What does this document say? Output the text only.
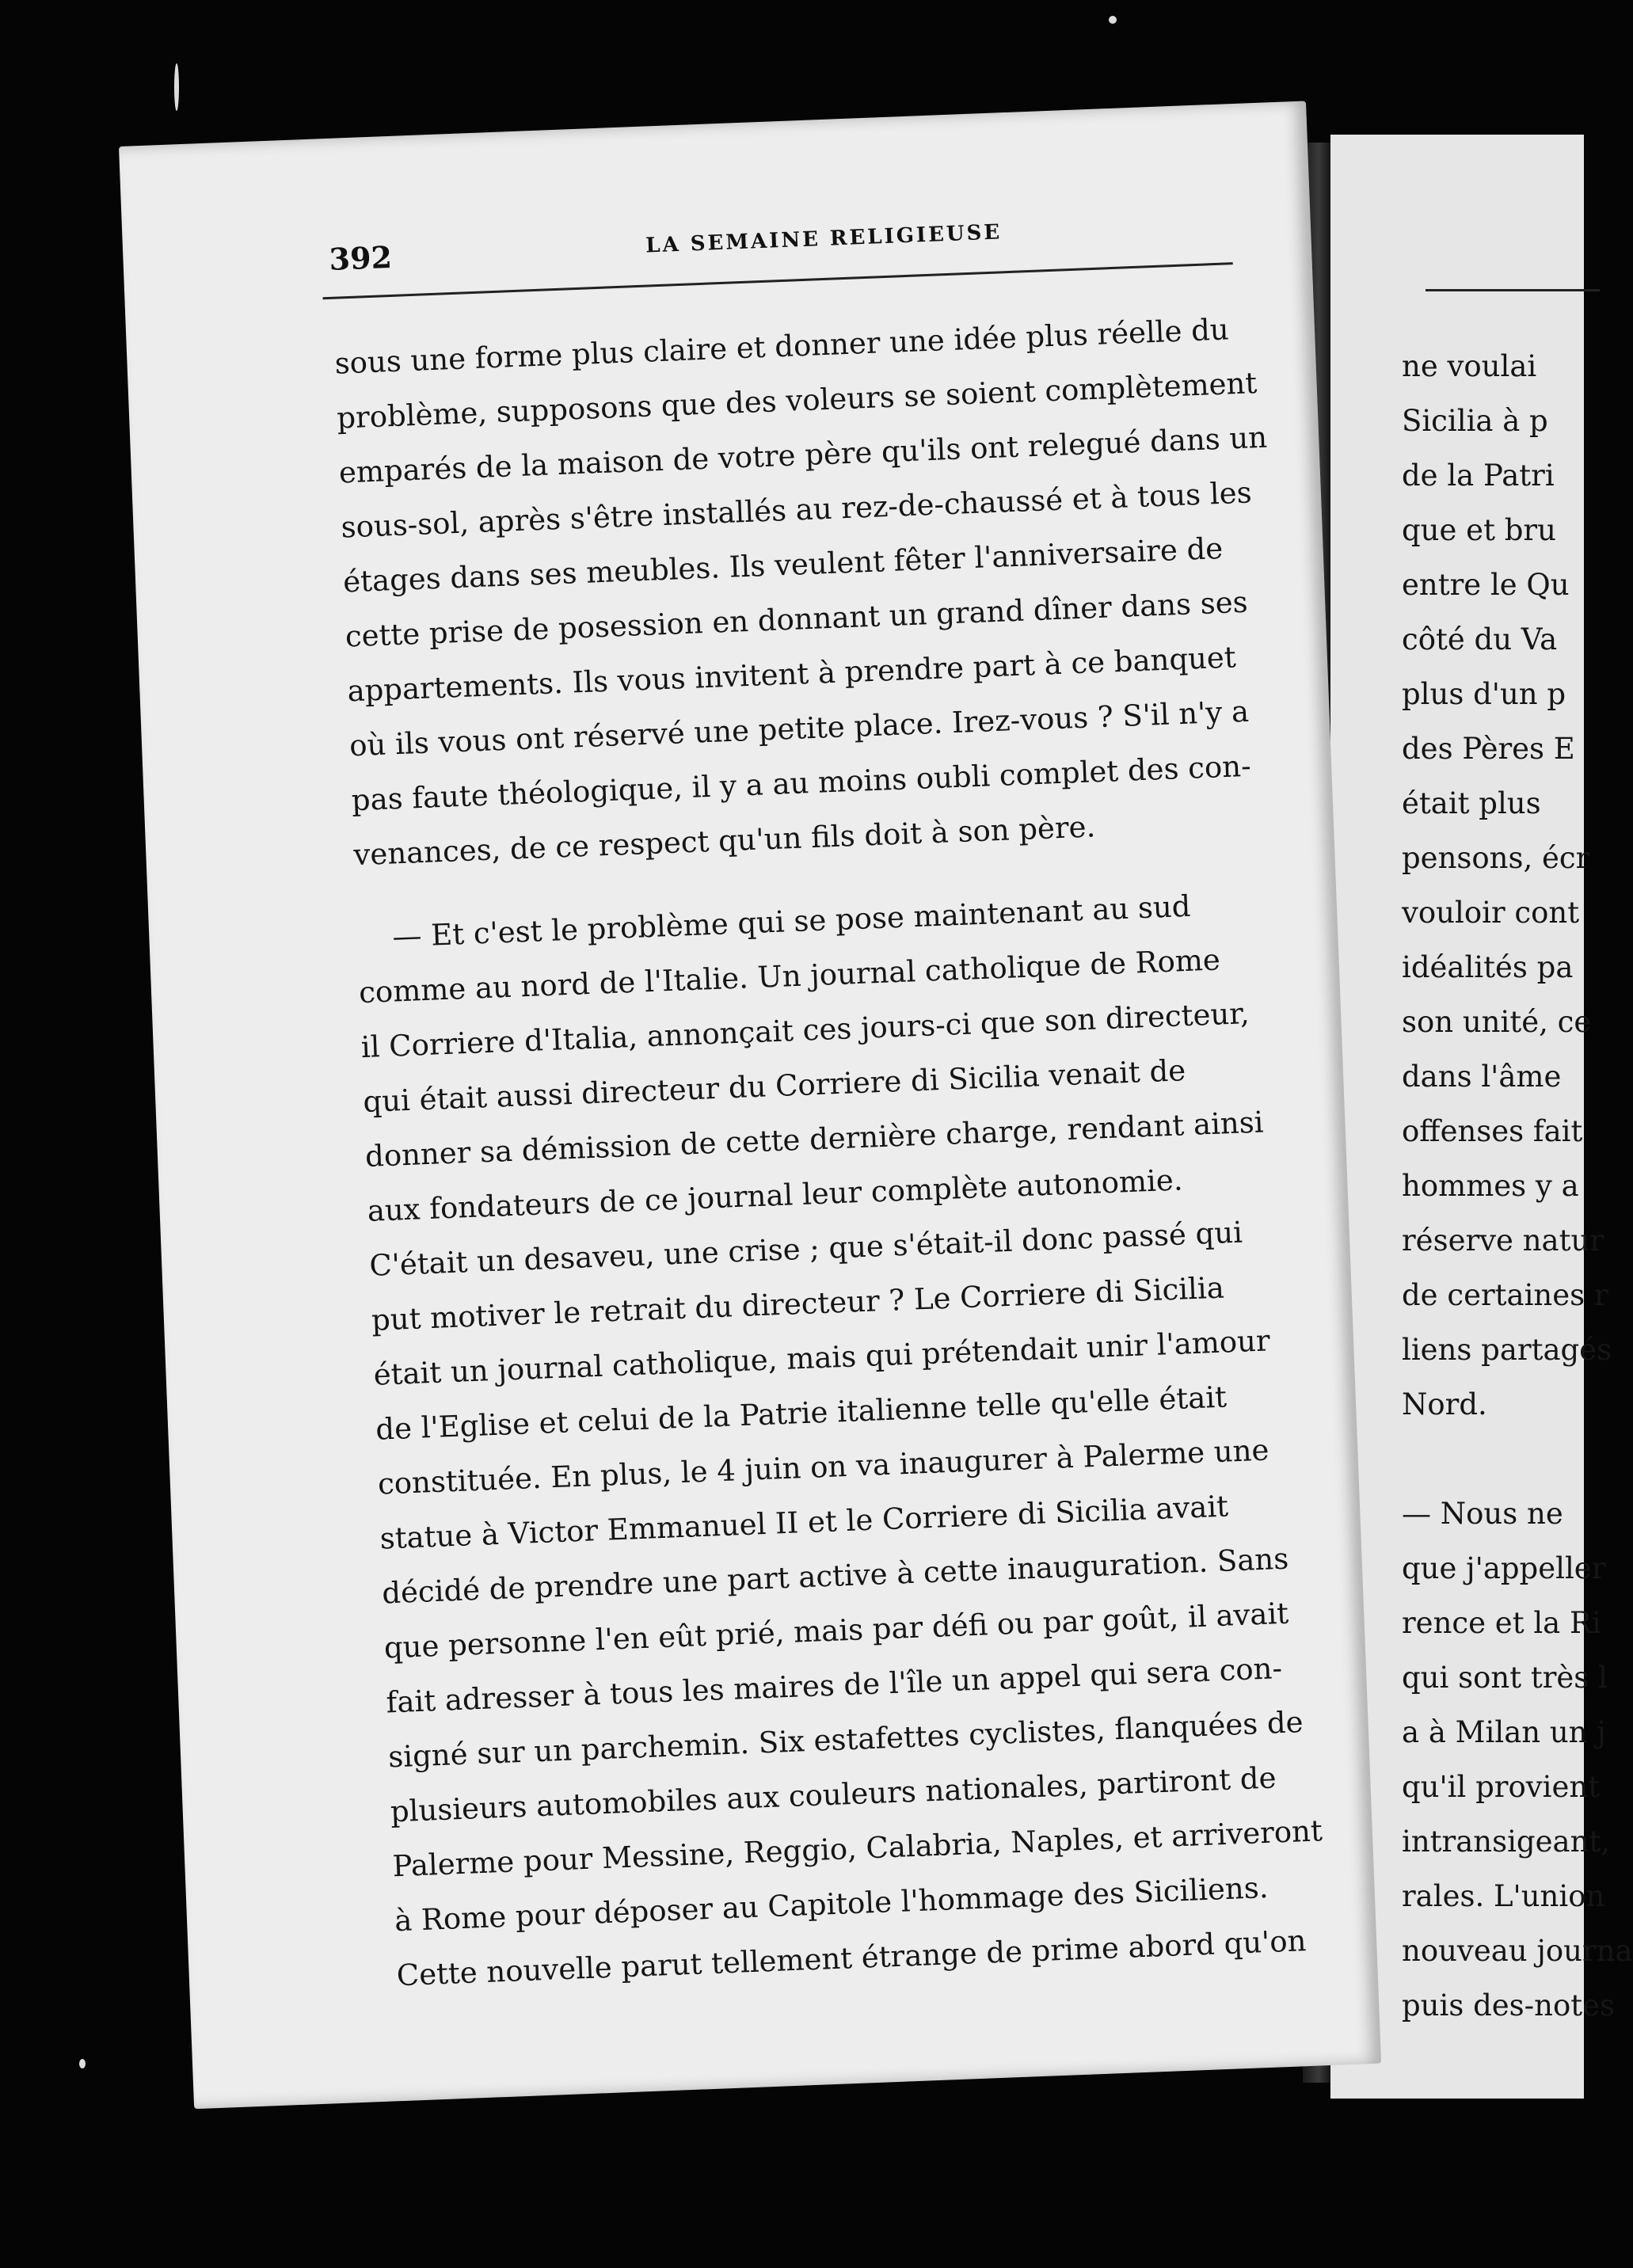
ne voulai

Sicilia à p

de la Patri

que et bru

entre le Qu

côté du Va

plus d'un p

des Pères E

était plus

pensons, écr

vouloir cont

idéalités pa

son unité, ce

dans l'âme

offenses fait

hommes y a

réserve natur

de certaines r

liens partagés

Nord.

— Nous ne

que j'appeller

rence et la Ri

qui sont très l

a à Milan un j

qu'il provient

intransigeant,

rales. L'union

nouveau journa

puis des-notes

392	LA SEMAINE RELIGIEUSE

sous une forme plus claire et donner une idée plus réelle du

problème, supposons que des voleurs se soient complètement

emparés de la maison de votre père qu'ils ont relegué dans un

sous-sol, après s'être installés au rez-de-chaussé et à tous les

étages dans ses meubles. Ils veulent fêter l'anniversaire de

cette prise de posession en donnant un grand dîner dans ses

appartements. Ils vous invitent à prendre part à ce banquet

où ils vous ont réservé une petite place. Irez-vous ? S'il n'y a

pas faute théologique, il y a au moins oubli complet des con-

venances, de ce respect qu'un fils doit à son père.

— Et c'est le problème qui se pose maintenant au sud

comme au nord de l'Italie. Un journal catholique de Rome

il Corriere d'Italia, annonçait ces jours-ci que son directeur,

qui était aussi directeur du Corriere di Sicilia venait de

donner sa démission de cette dernière charge, rendant ainsi

aux fondateurs de ce journal leur complète autonomie.

C'était un desaveu, une crise ; que s'était-il donc passé qui

put motiver le retrait du directeur ? Le Corriere di Sicilia

était un journal catholique, mais qui prétendait unir l'amour

de l'Eglise et celui de la Patrie italienne telle qu'elle était

constituée. En plus, le 4 juin on va inaugurer à Palerme une

statue à Victor Emmanuel II et le Corriere di Sicilia avait

décidé de prendre une part active à cette inauguration. Sans

que personne l'en eût prié, mais par défi ou par goût, il avait

fait adresser à tous les maires de l'île un appel qui sera con-

signé sur un parchemin. Six estafettes cyclistes, flanquées de

plusieurs automobiles aux couleurs nationales, partiront de

Palerme pour Messine, Reggio, Calabria, Naples, et arriveront

à Rome pour déposer au Capitole l'hommage des Siciliens.

Cette nouvelle parut tellement étrange de prime abord qu'on
